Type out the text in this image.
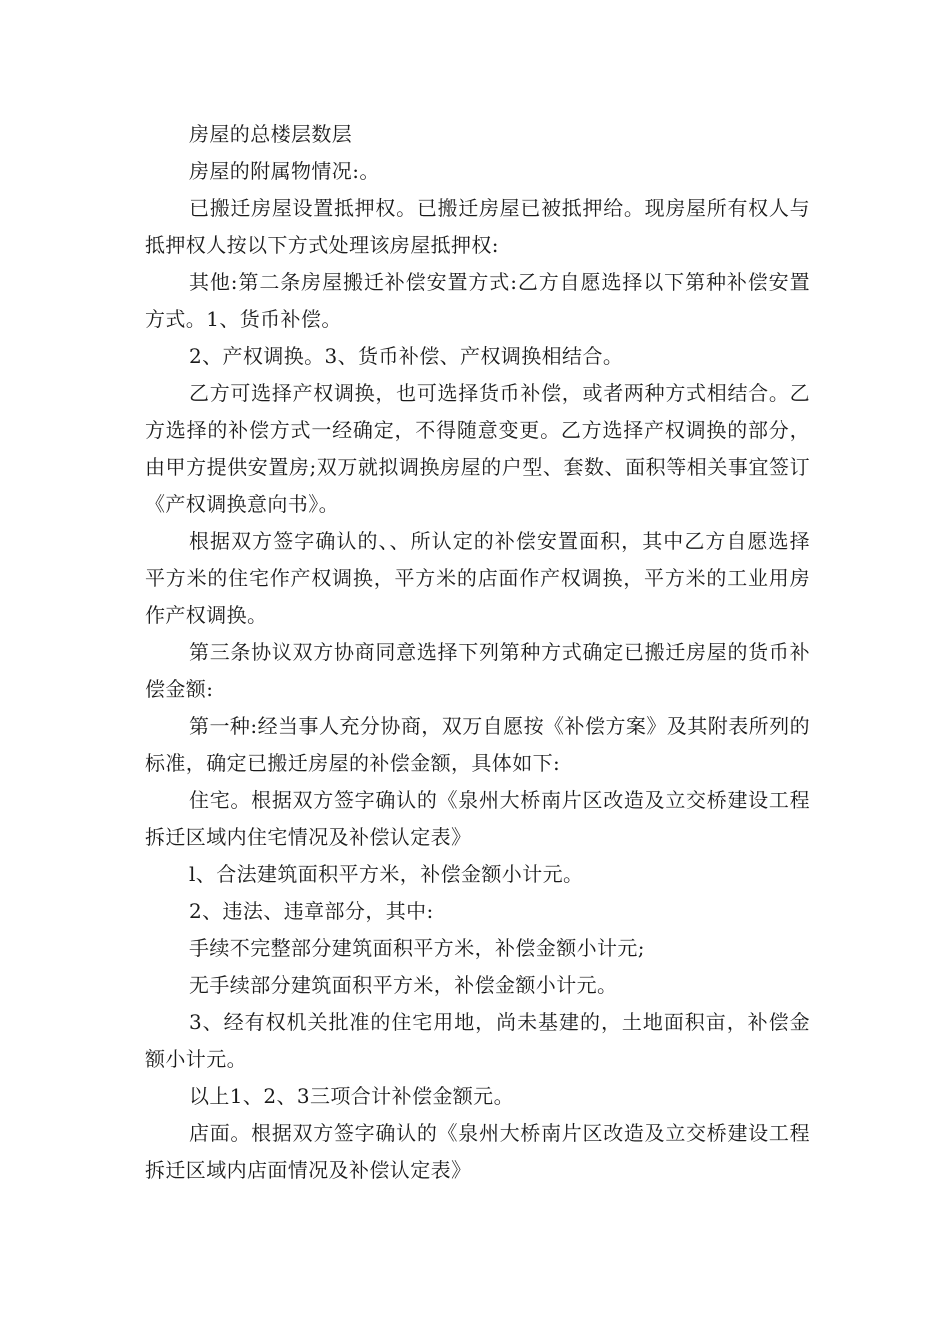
房屋的总楼层数层

房屋的附属物情况:。

已搬迁房屋设置抵押权。已搬迁房屋已被抵押给。现房屋所有权人与抵押权人按以下方式处理该房屋抵押权:

其他:第二条房屋搬迁补偿安置方式:乙方自愿选择以下第种补偿安置方式。1、货币补偿。

2、产权调换。3、货币补偿、产权调换相结合。

乙方可选择产权调换，也可选择货币补偿，或者两种方式相结合。乙方选择的补偿方式一经确定，不得随意变更。乙方选择产权调换的部分，由甲方提供安置房;双万就拟调换房屋的户型、套数、面积等相关事宜签订《产权调换意向书》。

根据双方签字确认的、、所认定的补偿安置面积，其中乙方自愿选择平方米的住宅作产权调换，平方米的店面作产权调换，平方米的工业用房作产权调换。

第三条协议双方协商同意选择下列第种方式确定已搬迁房屋的货币补偿金额:

第一种:经当事人充分协商，双万自愿按《补偿方案》及其附表所列的标准，确定已搬迁房屋的补偿金额，具体如下:

住宅。根据双方签字确认的《泉州大桥南片区改造及立交桥建设工程拆迁区域内住宅情况及补偿认定表》

l、合法建筑面积平方米，补偿金额小计元。

2、违法、违章部分，其中:

手续不完整部分建筑面积平方米，补偿金额小计元;

无手续部分建筑面积平方米，补偿金额小计元。

3、经有权机关批准的住宅用地，尚未基建的，土地面积亩，补偿金额小计元。

以上1、2、3三项合计补偿金额元。

店面。根据双方签字确认的《泉州大桥南片区改造及立交桥建设工程拆迁区域内店面情况及补偿认定表》
